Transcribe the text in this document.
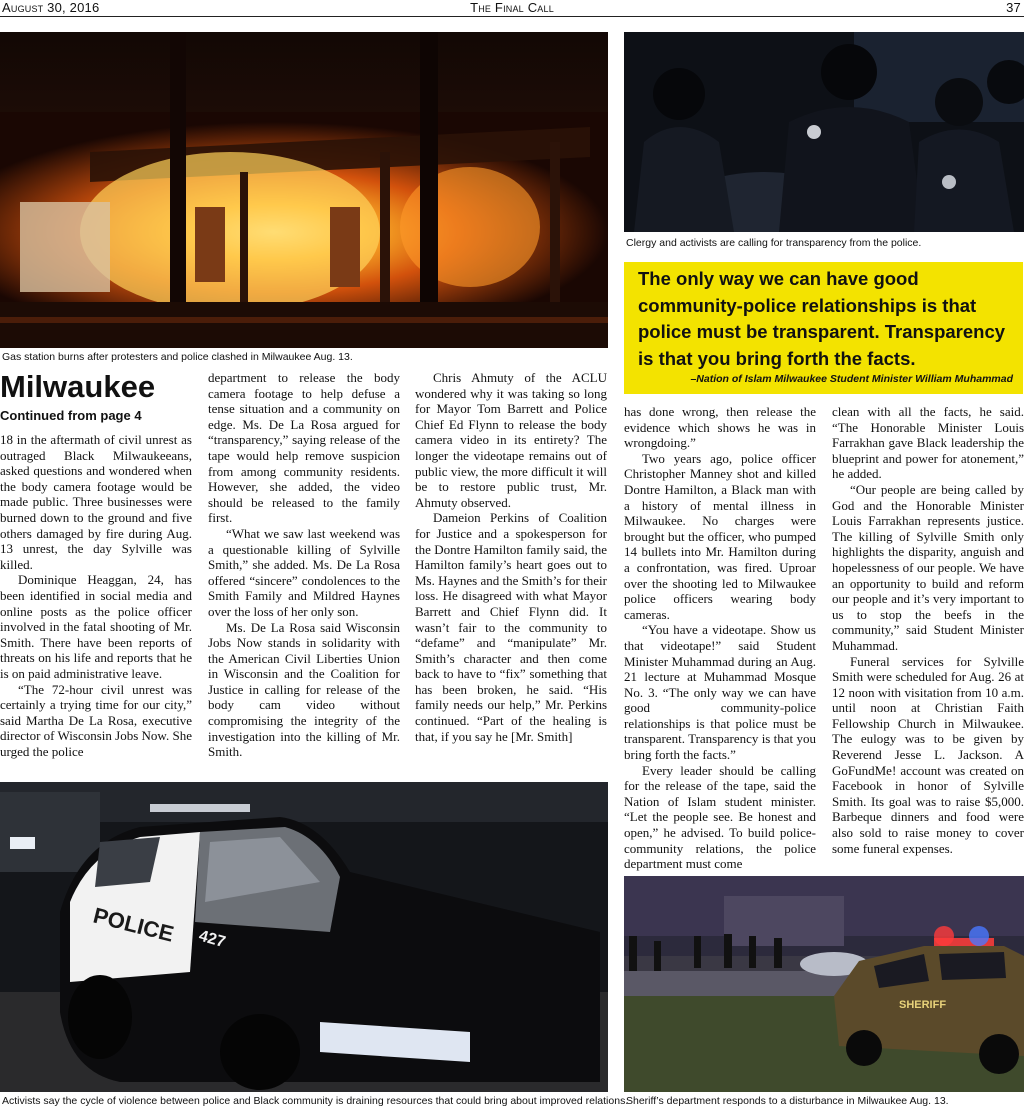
August 30, 2016	The Final Call	37
Gas station burns after protesters and police clashed in Milwaukee Aug. 13.
Clergy and activists are calling for transparency from the police.
The only way we can have good community-police relationships is that police must be transparent. Transparency is that you bring forth the facts.
–Nation of Islam Milwaukee Student Minister William Muhammad
Milwaukee
Continued from page 4

18 in the aftermath of civil unrest as outraged Black Milwaukeeans, asked questions and wondered when the body camera footage would be made public. Three businesses were burned down to the ground and five others damaged by fire during Aug. 13 unrest, the day Sylville was killed.

Dominique Heaggan, 24, has been identified in social media and online posts as the police officer involved in the fatal shooting of Mr. Smith. There have been reports of threats on his life and reports that he is on paid administrative leave.

“The 72-hour civil unrest was certainly a trying time for our city,” said Martha De La Rosa, executive director of Wisconsin Jobs Now. She urged the police

department to release the body camera footage to help defuse a tense situation and a community on edge. Ms. De La Rosa argued for “transparency,” saying release of the tape would help remove suspicion from among community residents. However, she added, the video should be released to the family first.

“What we saw last weekend was a questionable killing of Sylville Smith,” she added. Ms. De La Rosa offered “sincere” condolences to the Smith Family and Mildred Haynes over the loss of her only son.

Ms. De La Rosa said Wisconsin Jobs Now stands in solidarity with the American Civil Liberties Union in Wisconsin and the Coalition for Justice in calling for release of the body cam video without compromising the integrity of the investigation into the killing of Mr. Smith.

Chris Ahmuty of the ACLU wondered why it was taking so long for Mayor Tom Barrett and Police Chief Ed Flynn to release the body camera video in its entirety? The longer the videotape remains out of public view, the more difficult it will be to restore public trust, Mr. Ahmuty observed.

Dameion Perkins of Coalition for Justice and a spokesperson for the Dontre Hamilton family said, the Hamilton family’s heart goes out to Ms. Haynes and the Smith’s for their loss. He disagreed with what Mayor Barrett and Chief Flynn did. It wasn’t fair to the community to “defame” and “manipulate” Mr. Smith’s character and then come back to have to “fix” something that has been broken, he said. “His family needs our help,” Mr. Perkins continued. “Part of the healing is that, if you say he [Mr. Smith]

has done wrong, then release the evidence which shows he was in wrongdoing.”

Two years ago, police officer Christopher Manney shot and killed Dontre Hamilton, a Black man with a history of mental illness in Milwaukee. No charges were brought but the officer, who pumped 14 bullets into Mr. Hamilton during a confrontation, was fired. Uproar over the shooting led to Milwaukee police officers wearing body cameras.

“You have a videotape. Show us that videotape!” said Student Minister Muhammad during an Aug. 21 lecture at Muhammad Mosque No. 3. “The only way we can have good community-police relationships is that police must be transparent. Transparency is that you bring forth the facts.”

Every leader should be calling for the release of the tape, said the Nation of Islam student minister. “Let the people see. Be honest and open,” he advised. To build police-community relations, the police department must come

clean with all the facts, he said. “The Honorable Minister Louis Farrakhan gave Black leadership the blueprint and power for atonement,” he added.

“Our people are being called by God and the Honorable Minister Louis Farrakhan represents justice. The killing of Sylville Smith only highlights the disparity, anguish and hopelessness of our people. We have an opportunity to build and reform our people and it’s very important to us to stop the beefs in the community,” said Student Minister Muhammad.

Funeral services for Sylville Smith were scheduled for Aug. 26 at 12 noon with visitation from 10 a.m. until noon at Christian Faith Fellowship Church in Milwaukee. The eulogy was to be given by Reverend Jesse L. Jackson. A GoFundMe! account was created on Facebook in honor of Sylville Smith. Its goal was to raise $5,000. Barbeque dinners and food were also sold to raise money to cover some funeral expenses.

POLICE 427
Activists say the cycle of violence between police and Black community is draining resources that could bring about improved relations.
SHERIFF
Sheriff’s department responds to a disturbance in Milwaukee Aug. 13.
